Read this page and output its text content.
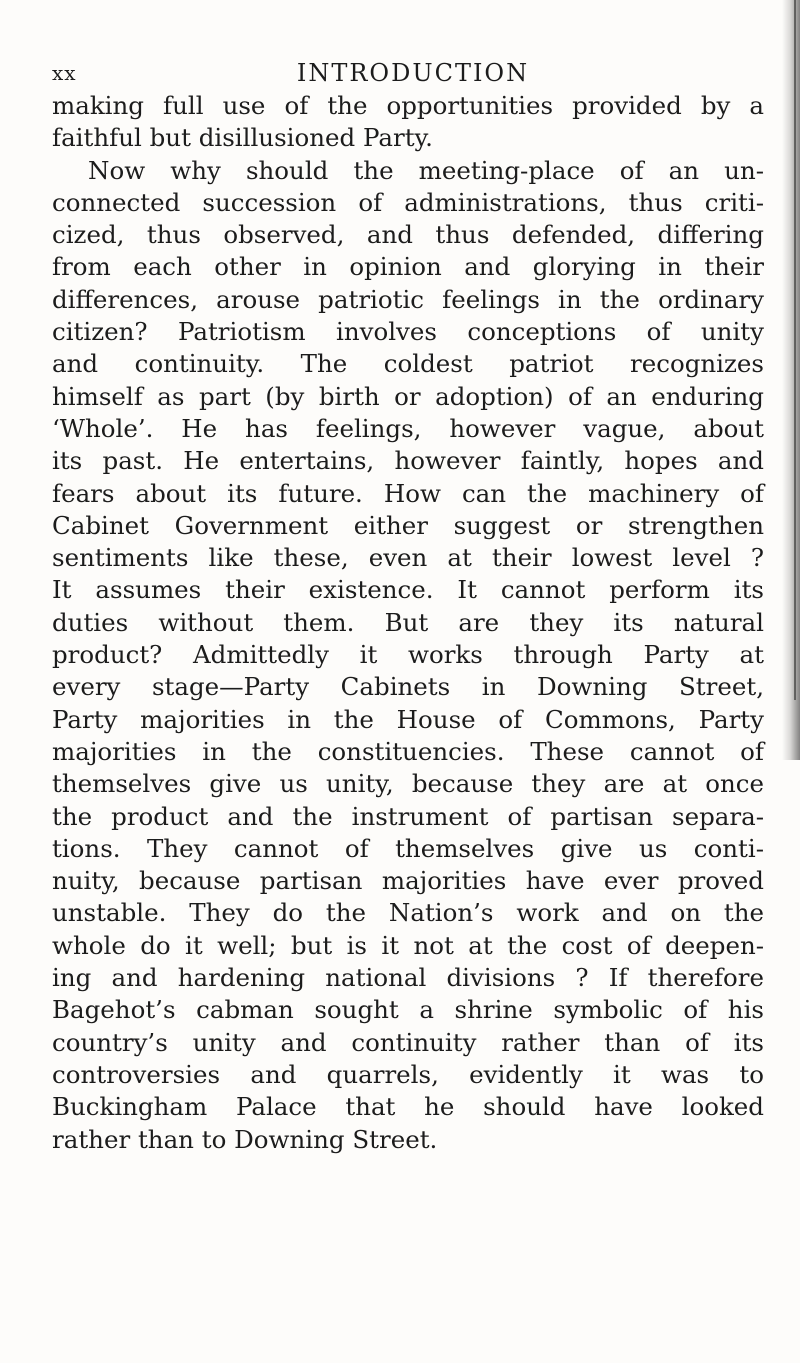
xx	INTRODUCTION
making full use of the opportunities provided by a
faithful but disillusioned Party.
Now why should the meeting-place of an un-
connected succession of administrations, thus criti-
cized, thus observed, and thus defended, differing
from each other in opinion and glorying in their
differences, arouse patriotic feelings in the ordinary
citizen? Patriotism involves conceptions of unity
and continuity. The coldest patriot recognizes
himself as part (by birth or adoption) of an enduring
‘Whole’. He has feelings, however vague, about
its past. He entertains, however faintly, hopes and
fears about its future. How can the machinery of
Cabinet Government either suggest or strengthen
sentiments like these, even at their lowest level ?
It assumes their existence. It cannot perform its
duties without them. But are they its natural
product? Admittedly it works through Party at
every stage—Party Cabinets in Downing Street,
Party majorities in the House of Commons, Party
majorities in the constituencies. These cannot of
themselves give us unity, because they are at once
the product and the instrument of partisan separa-
tions. They cannot of themselves give us conti-
nuity, because partisan majorities have ever proved
unstable. They do the Nation’s work and on the
whole do it well; but is it not at the cost of deepen-
ing and hardening national divisions ? If therefore
Bagehot’s cabman sought a shrine symbolic of his
country’s unity and continuity rather than of its
controversies and quarrels, evidently it was to
Buckingham Palace that he should have looked
rather than to Downing Street.
